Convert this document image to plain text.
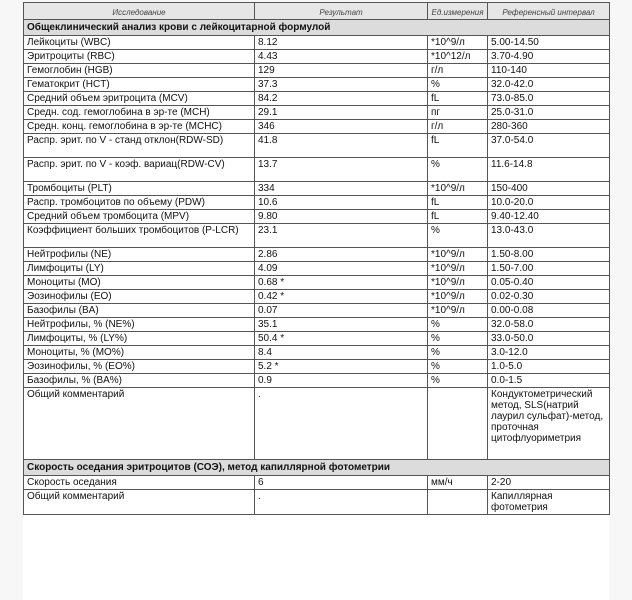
Исследование	Результат	Ед.измерения	Референсный интервал
Общеклинический анализ крови с лейкоцитарной формулой			
Лейкоциты (WBC)	8.12	*10^9/л	5.00-14.50
Эритроциты (RBC)	4.43	*10^12/л	3.70-4.90
Гемоглобин (HGB)	129	г/л	110-140
Гематокрит (HCT)	37.3	%	32.0-42.0
Средний объем эритроцита (MCV)	84.2	fL	73.0-85.0
Средн. сод. гемоглобина в эр-те (MCH)	29.1	пг	25.0-31.0
Средн. конц. гемоглобина в эр-те (MCHC)	346	г/л	280-360
Распр. эрит. по V - станд отклон(RDW-SD)	41.8	fL	37.0-54.0
Распр. эрит. по V - коэф. вариац(RDW-CV)	13.7	%	11.6-14.8
Тромбоциты (PLT)	334	*10^9/л	150-400
Распр. тромбоцитов по объему (PDW)	10.6	fL	10.0-20.0
Средний объем тромбоцита (MPV)	9.80	fL	9.40-12.40
Коэффициент больших тромбоцитов (P-LCR)	23.1	%	13.0-43.0
Нейтрофилы (NE)	2.86	*10^9/л	1.50-8.00
Лимфоциты (LY)	4.09	*10^9/л	1.50-7.00
Моноциты (MO)	0.68 *	*10^9/л	0.05-0.40
Эозинофилы (EO)	0.42 *	*10^9/л	0.02-0.30
Базофилы (BA)	0.07	*10^9/л	0.00-0.08
Нейтрофилы, % (NE%)	35.1	%	32.0-58.0
Лимфоциты, % (LY%)	50.4 *	%	33.0-50.0
Моноциты, % (MO%)	8.4	%	3.0-12.0
Эозинофилы, % (EO%)	5.2 *	%	1.0-5.0
Базофилы, % (BA%)	0.9	%	0.0-1.5
Общий комментарий	.		Кондуктометрический метод, SLS(натрий лаурил сульфат)-метод, проточная цитофлуориметрия
Скорость оседания эритроцитов (СОЭ), метод капиллярной фотометрии			
Скорость оседания	6	мм/ч	2-20
Общий комментарий	.		Капиллярная фотометрия
